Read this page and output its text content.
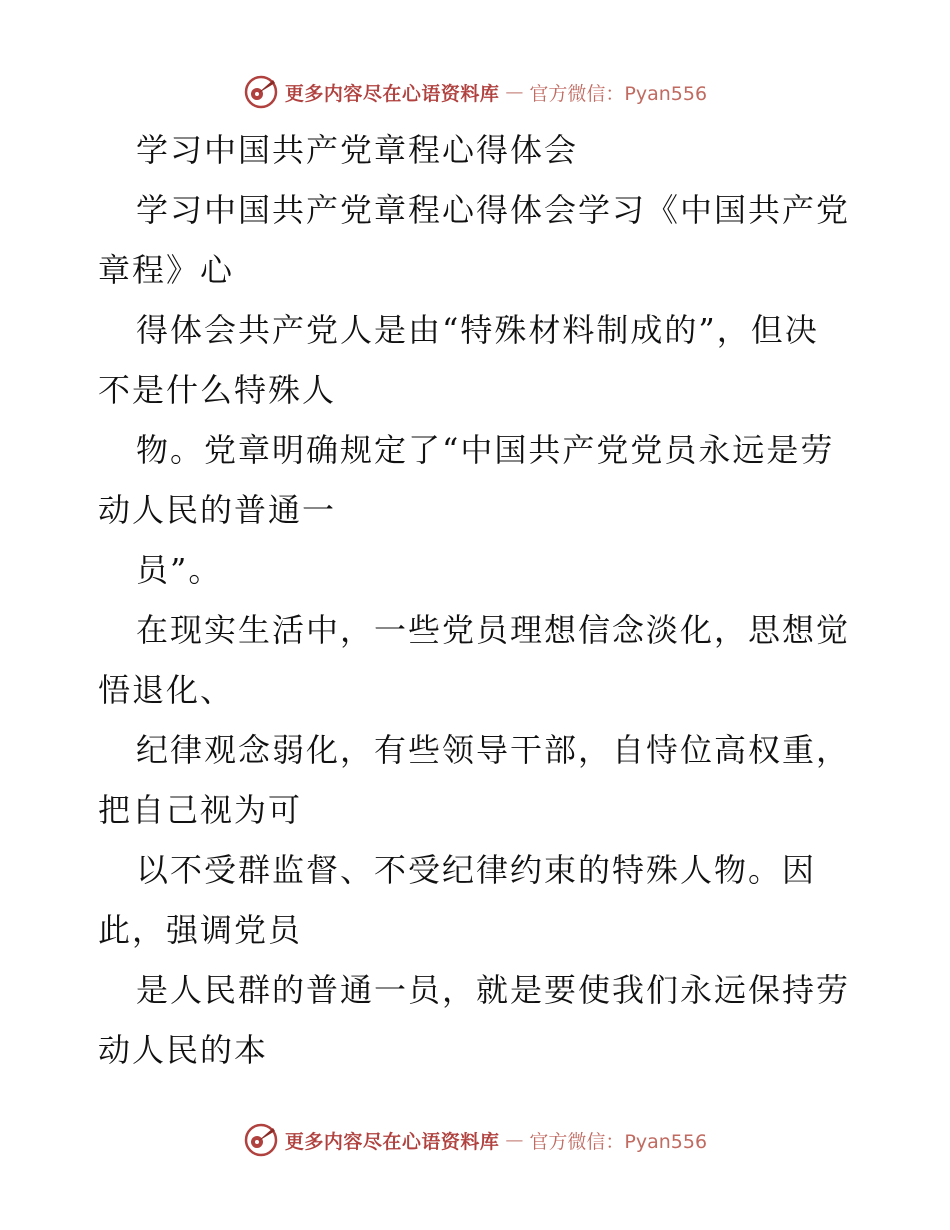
更多内容尽在心语资料库 — 官方微信：Pyan556
学习中国共产党章程心得体会
学习中国共产党章程心得体会学习《中国共产党
章程》心
得体会共产党人是由“特殊材料制成的”，但决
不是什么特殊人
物。党章明确规定了“中国共产党党员永远是劳
动人民的普通一
员”。
在现实生活中，一些党员理想信念淡化，思想觉
悟退化、
纪律观念弱化，有些领导干部，自恃位高权重，
把自己视为可
以不受群监督、不受纪律约束的特殊人物。因
此，强调党员
是人民群的普通一员，就是要使我们永远保持劳
动人民的本
更多内容尽在心语资料库 — 官方微信：Pyan556
